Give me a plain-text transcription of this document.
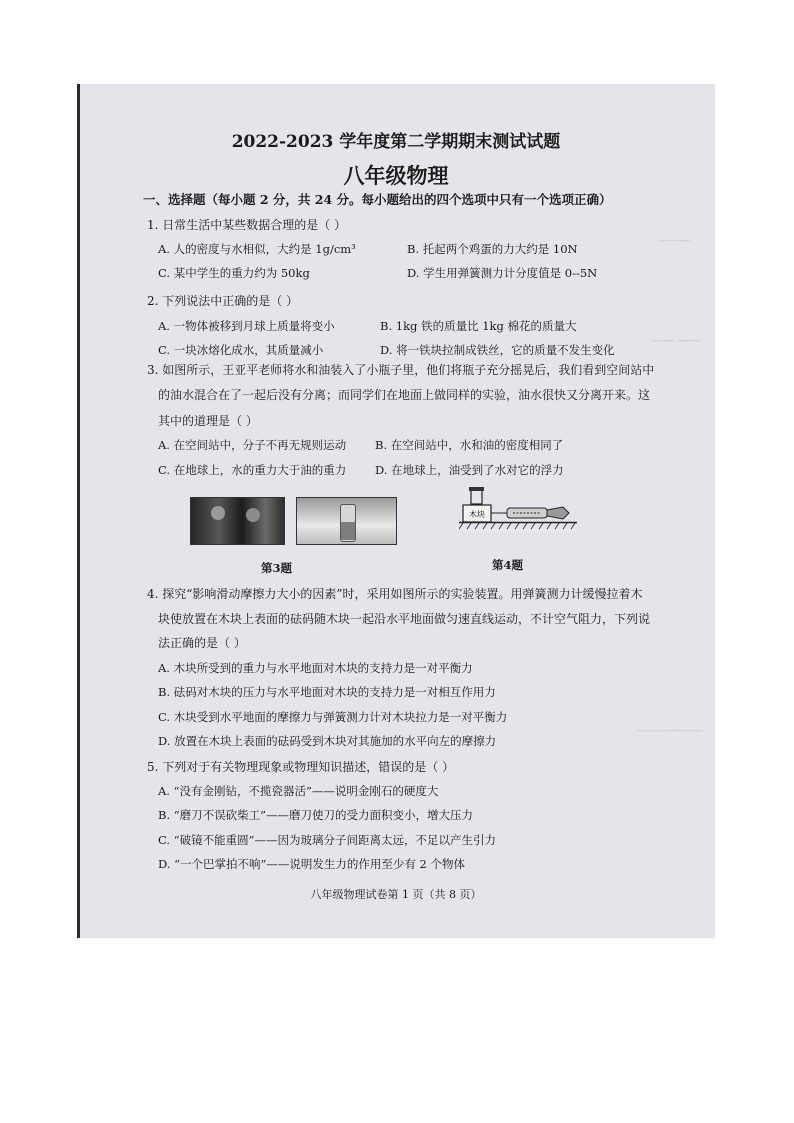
———
—— ——
——————
2022-2023 学年度第二学期期末测试试题
八年级物理
一、选择题（每小题 2 分，共 24 分。每小题给出的四个选项中只有一个选项正确）
1. 日常生活中某些数据合理的是（ ）
A. 人的密度与水相似，大约是 1g/cm³	B. 托起两个鸡蛋的力大约是 10N
C. 某中学生的重力约为 50kg	D. 学生用弹簧测力计分度值是 0--5N
2. 下列说法中正确的是（ ）
A. 一物体被移到月球上质量将变小	B. 1kg 铁的质量比 1kg 棉花的质量大
C. 一块冰熔化成水，其质量减小	D. 将一铁块拉制成铁丝，它的质量不发生变化
3. 如图所示，王亚平老师将水和油装入了小瓶子里，他们将瓶子充分摇晃后，我们看到空间站中
的油水混合在了一起后没有分离；而同学们在地面上做同样的实验，油水很快又分离开来。这
其中的道理是（ ）
A. 在空间站中，分子不再无规则运动	B. 在空间站中，水和油的密度相同了
C. 在地球上，水的重力大于油的重力	D. 在地球上，油受到了水对它的浮力
第3题
木块
第4题
4. 探究“影响滑动摩擦力大小的因素”时，采用如图所示的实验装置。用弹簧测力计缓慢拉着木
块使放置在木块上表面的砝码随木块一起沿水平地面做匀速直线运动，不计空气阻力，下列说
法正确的是（ ）
A. 木块所受到的重力与水平地面对木块的支持力是一对平衡力
B. 砝码对木块的压力与水平地面对木块的支持力是一对相互作用力
C. 木块受到水平地面的摩擦力与弹簧测力计对木块拉力是一对平衡力
D. 放置在木块上表面的砝码受到木块对其施加的水平向左的摩擦力
5. 下列对于有关物理现象或物理知识描述，错误的是（ ）
A. “没有金刚钻，不揽瓷器活”——说明金刚石的硬度大
B. “磨刀不误砍柴工”——磨刀使刀的受力面积变小，增大压力
C. “破镜不能重圆”——因为玻璃分子间距离太远，不足以产生引力
D. “一个巴掌拍不响”——说明发生力的作用至少有 2 个物体
八年级物理试卷第 1 页（共 8 页）
